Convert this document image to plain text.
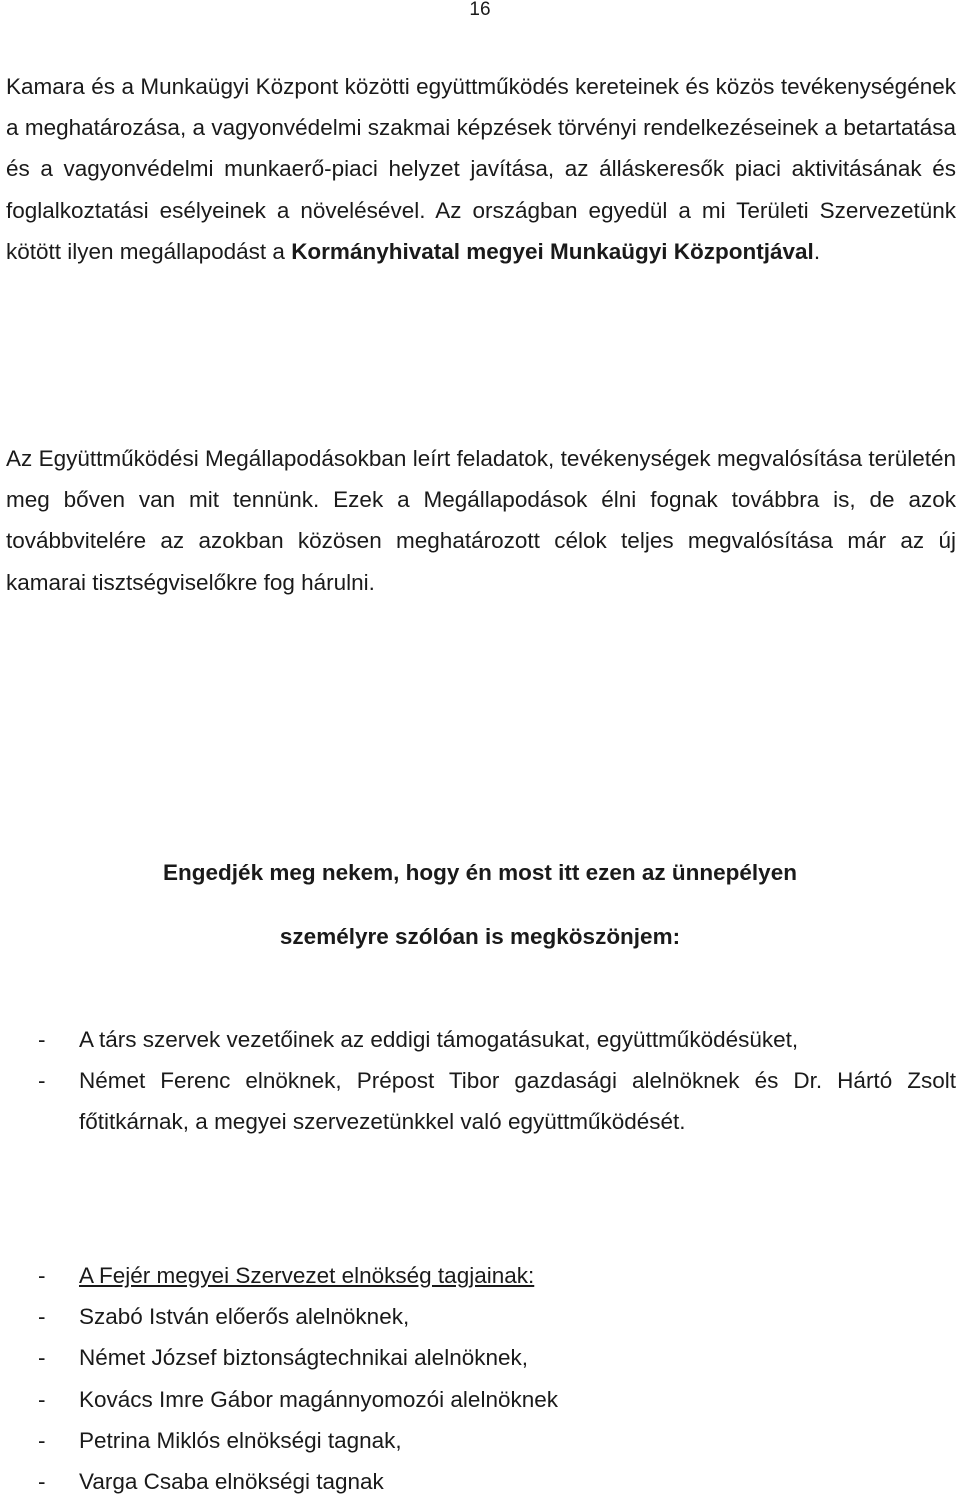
16

Kamara és a Munkaügyi Központ közötti együttműködés kereteinek és közös tevékenységének a meghatározása, a vagyonvédelmi szakmai képzések törvényi rendelkezéseinek a betartatása és a vagyonvédelmi munkaerő-piaci helyzet javítása, az álláskeresők piaci aktivitásának és foglalkoztatási esélyeinek a növelésével. Az országban egyedül a mi Területi Szervezetünk kötött ilyen megállapodást a Kormányhivatal megyei Munkaügyi Központjával.

Az Együttműködési Megállapodásokban leírt feladatok, tevékenységek megvalósítása területén meg bőven van mit tennünk. Ezek a Megállapodások élni fognak továbbra is, de azok továbbvitelére az azokban közösen meghatározott célok teljes megvalósítása már az új kamarai tisztségviselőkre fog hárulni.

Engedjék meg nekem, hogy én most itt ezen az ünnepélyen

személyre szólóan is megköszönjem:

- A társ szervek vezetőinek az eddigi támogatásukat, együttműködésüket,
- Német Ferenc elnöknek, Prépost Tibor gazdasági alelnöknek és Dr. Hártó Zsolt főtitkárnak, a megyei szervezetünkkel való együttműködését.
- A Fejér megyei Szervezet elnökség tagjainak:
- Szabó István előerős alelnöknek,
- Német József biztonságtechnikai alelnöknek,
- Kovács Imre Gábor magánnyomozói alelnöknek
- Petrina Miklós elnökségi tagnak,
- Varga Csaba elnökségi tagnak
